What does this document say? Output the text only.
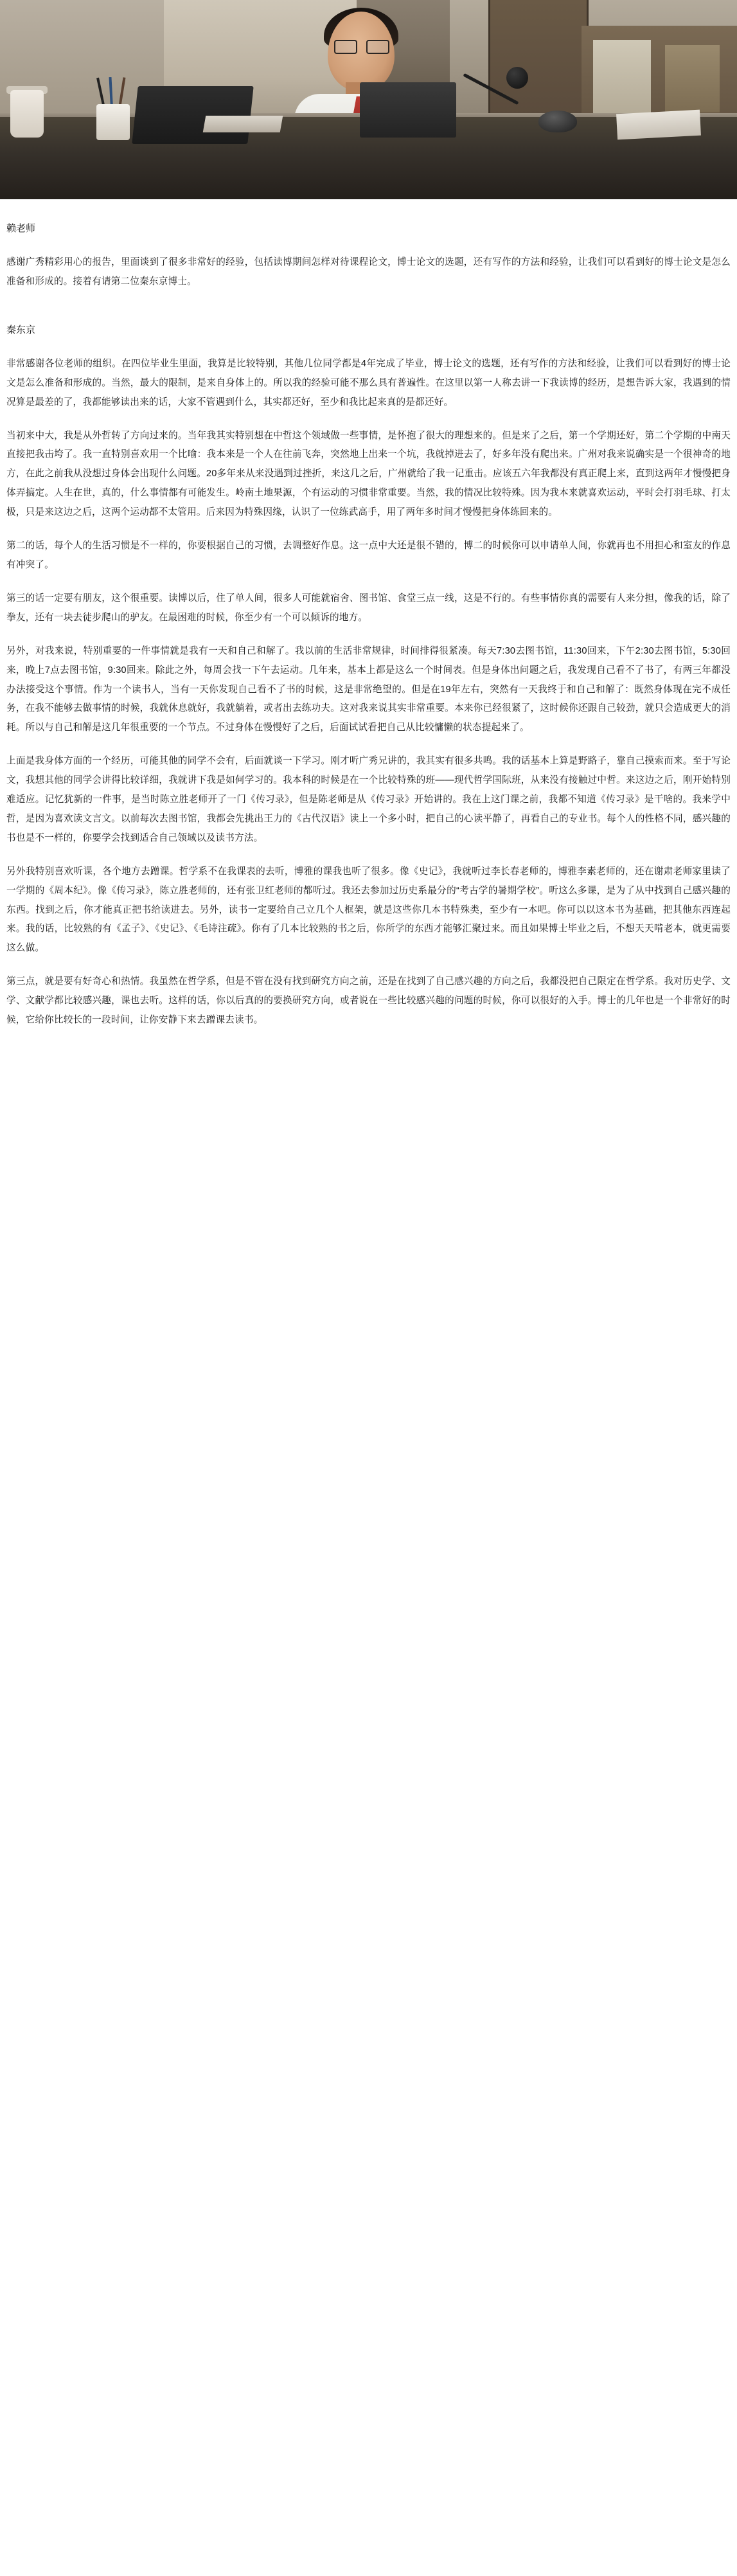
赖老师

感谢广秀精彩用心的报告，里面谈到了很多非常好的经验，包括读博期间怎样对待课程论文，博士论文的选题，还有写作的方法和经验，让我们可以看到好的博士论文是怎么准备和形成的。接着有请第二位秦东京博士。

秦东京

非常感谢各位老师的组织。在四位毕业生里面，我算是比较特别，其他几位同学都是4年完成了毕业，博士论文的选题，还有写作的方法和经验，让我们可以看到好的博士论文是怎么准备和形成的。当然，最大的限制，是来自身体上的。所以我的经验可能不那么具有普遍性。在这里以第一人称去讲一下我读博的经历，是想告诉大家，我遇到的情况算是最差的了，我都能够读出来的话，大家不管遇到什么，其实都还好，至少和我比起来真的是都还好。

当初来中大，我是从外哲转了方向过来的。当年我其实特别想在中哲这个领域做一些事情，是怀抱了很大的理想来的。但是来了之后，第一个学期还好，第二个学期的中南天直接把我击垮了。我一直特别喜欢用一个比喻：我本来是一个人在往前飞奔，突然地上出来一个坑，我就掉进去了，好多年没有爬出来。广州对我来说确实是一个很神奇的地方，在此之前我从没想过身体会出现什么问题。20多年来从来没遇到过挫折，来这几之后，广州就给了我一记重击。应该五六年我都没有真正爬上来，直到这两年才慢慢把身体弄搞定。人生在世，真的，什么事情都有可能发生。岭南土地果源，个有运动的习惯非常重要。当然，我的情况比较特殊。因为我本来就喜欢运动，平时会打羽毛球、打太极，只是来这边之后，这两个运动都不太管用。后来因为特殊因缘，认识了一位练武高手，用了两年多时间才慢慢把身体练回来的。

第二的话，每个人的生活习惯是不一样的，你要根据自己的习惯，去调整好作息。这一点中大还是很不错的，博二的时候你可以申请单人间，你就再也不用担心和室友的作息有冲突了。

第三的话一定要有朋友，这个很重要。读博以后，住了单人间，很多人可能就宿舍、图书馆、食堂三点一线，这是不行的。有些事情你真的需要有人来分担，像我的话，除了拳友，还有一块去徒步爬山的驴友。在最困难的时候，你至少有一个可以倾诉的地方。

另外，对我来说，特别重要的一件事情就是我有一天和自己和解了。我以前的生活非常规律，时间排得很紧凑。每天7:30去图书馆，11:30回来，下午2:30去图书馆，5:30回来，晚上7点去图书馆，9:30回来。除此之外，每周会找一下午去运动。几年来，基本上都是这么一个时间表。但是身体出问题之后，我发现自己看不了书了，有两三年都没办法接受这个事情。作为一个读书人，当有一天你发现自己看不了书的时候，这是非常绝望的。但是在19年左右，突然有一天我终于和自己和解了：既然身体现在完不成任务，在我不能够去做事情的时候，我就休息就好，我就躺着，或者出去练功夫。这对我来说其实非常重要。本来你已经很紧了，这时候你还跟自己较劲，就只会造成更大的消耗。所以与自己和解是这几年很重要的一个节点。不过身体在慢慢好了之后，后面试试看把自己从比较慵懒的状态提起来了。

上面是我身体方面的一个经历，可能其他的同学不会有，后面就谈一下学习。刚才听广秀兄讲的，我其实有很多共鸣。我的话基本上算是野路子，靠自己摸索而来。至于写论文，我想其他的同学会讲得比较详细，我就讲下我是如何学习的。我本科的时候是在一个比较特殊的班——现代哲学国际班，从来没有接触过中哲。来这边之后，刚开始特别难适应。记忆犹新的一件事，是当时陈立胜老师开了一门《传习录》，但是陈老师是从《传习录》开始讲的。我在上这门课之前，我都不知道《传习录》是干啥的。我来学中哲，是因为喜欢读文言文。以前每次去图书馆，我都会先挑出王力的《古代汉语》读上一个多小时，把自己的心读平静了，再看自己的专业书。每个人的性格不同，感兴趣的书也是不一样的，你要学会找到适合自己领域以及读书方法。

另外我特别喜欢听课，各个地方去蹭课。哲学系不在我课表的去听，博雅的课我也听了很多。像《史记》，我就听过李长春老师的，博雅李素老师的，还在谢肃老师家里读了一学期的《周本纪》。像《传习录》，陈立胜老师的，还有张卫红老师的都听过。我还去参加过历史系最分的“考古学的暑期学校”。听这么多课，是为了从中找到自己感兴趣的东西。找到之后，你才能真正把书给读进去。另外，读书一定要给自己立几个人框架，就是这些你几本书特殊类，至少有一本吧。你可以以这本书为基础，把其他东西连起来。我的话，比较熟的有《孟子》、《史记》、《毛诗注疏》。你有了几本比较熟的书之后，你所学的东西才能够汇聚过来。而且如果博士毕业之后，不想天天啃老本，就更需要这么做。

第三点，就是要有好奇心和热情。我虽然在哲学系，但是不管在没有找到研究方向之前，还是在找到了自己感兴趣的方向之后，我都没把自己限定在哲学系。我对历史学、文学、文献学都比较感兴趣，课也去听。这样的话，你以后真的的要换研究方向，或者说在一些比较感兴趣的问题的时候，你可以很好的入手。博士的几年也是一个非常好的时候，它给你比较长的一段时间，让你安静下来去蹭课去读书。
